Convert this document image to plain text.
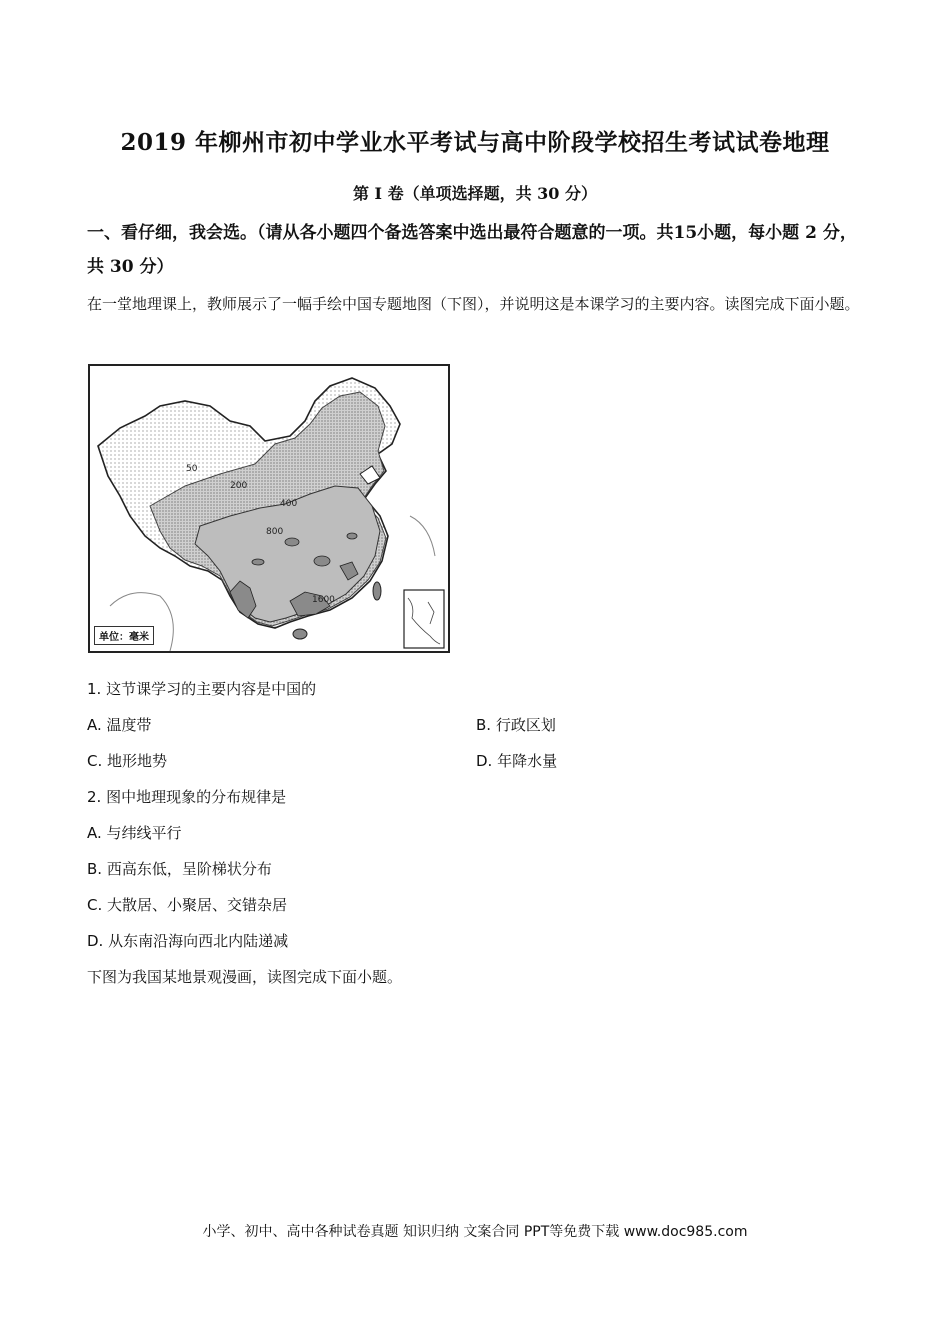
2019 年柳州市初中学业水平考试与高中阶段学校招生考试试卷地理
第 I 卷（单项选择题，共 30 分）
一、看仔细，我会选。（请从各小题四个备选答案中选出最符合题意的一项。共15小题，每小题 2 分，共 30 分）
在一堂地理课上，教师展示了一幅手绘中国专题地图（下图），并说明这是本课学习的主要内容。读图完成下面小题。
50
200
400
800
1600
单位：毫米
1. 这节课学习的主要内容是中国的
A. 温度带	B. 行政区划
C. 地形地势	D. 年降水量
2. 图中地理现象的分布规律是
A. 与纬线平行
B. 西高东低，呈阶梯状分布
C. 大散居、小聚居、交错杂居
D. 从东南沿海向西北内陆递减
下图为我国某地景观漫画，读图完成下面小题。
小学、初中、高中各种试卷真题 知识归纳 文案合同 PPT等免费下载 www.doc985.com
